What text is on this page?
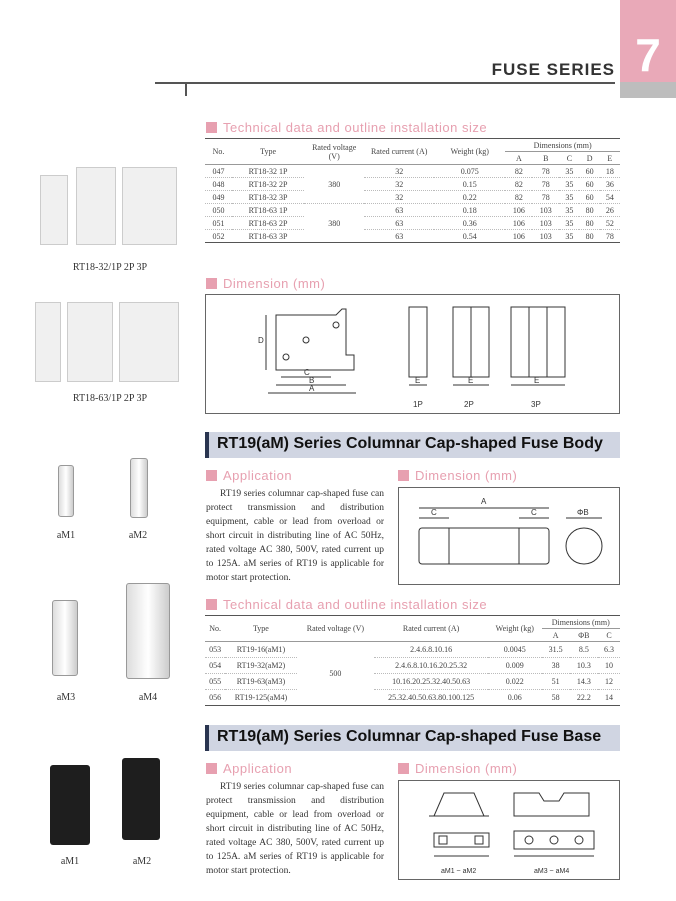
7
FUSE SERIES
RT18-32/1P 2P 3P
RT18-63/1P 2P 3P
aM1	aM2
aM3	aM4
aM1	aM2
Technical data and outline installation size
No.	Type	Rated voltage (V)	Rated current (A)	Weight (kg)	Dimensions (mm)				
					A	B	C	D	E
047	RT18-32 1P	380	32	0.075	82	78	35	60	18
048	RT18-32 2P		32	0.15	82	78	35	60	36
049	RT18-32 3P		32	0.22	82	78	35	60	54
050	RT18-63 1P	380	63	0.18	106	103	35	80	26
051	RT18-63 2P		63	0.36	106	103	35	80	52
052	RT18-63 3P		63	0.54	106	103	35	80	78
Dimension (mm)
D
C
B
A
E	E	E
1P	2P	3P
RT19(aM) Series Columnar Cap-shaped Fuse Body
Application
RT19 series columnar cap-shaped fuse can protect transmission and distribution equipment, cable or lead from overload or short circuit in distributing line of AC 50Hz, rated voltage AC 380, 500V, rated current up to 125A. aM series of RT19 is applicable for motor start protection.
Dimension (mm)
A
C	C	ΦB
Technical data and outline installation size
No.	Type	Rated voltage (V)	Rated current (A)	Weight (kg)	Dimensions (mm)		
					A	ΦB	C
053	RT19-16(aM1)	500	2.4.6.8.10.16	0.0045	31.5	8.5	6.3
054	RT19-32(aM2)		2.4.6.8.10.16.20.25.32	0.009	38	10.3	10
055	RT19-63(aM3)		10.16.20.25.32.40.50.63	0.022	51	14.3	12
056	RT19-125(aM4)		25.32.40.50.63.80.100.125	0.06	58	22.2	14
RT19(aM) Series Columnar Cap-shaped Fuse Base
Application
RT19 series columnar cap-shaped fuse can protect transmission and distribution equipment, cable or lead from overload or short circuit in distributing line of AC 50Hz, rated voltage AC 380, 500V, rated current up to 125A. aM series of RT19 is applicable for motor start protection.
Dimension (mm)
aM1 ~ aM2	aM3 ~ aM4
